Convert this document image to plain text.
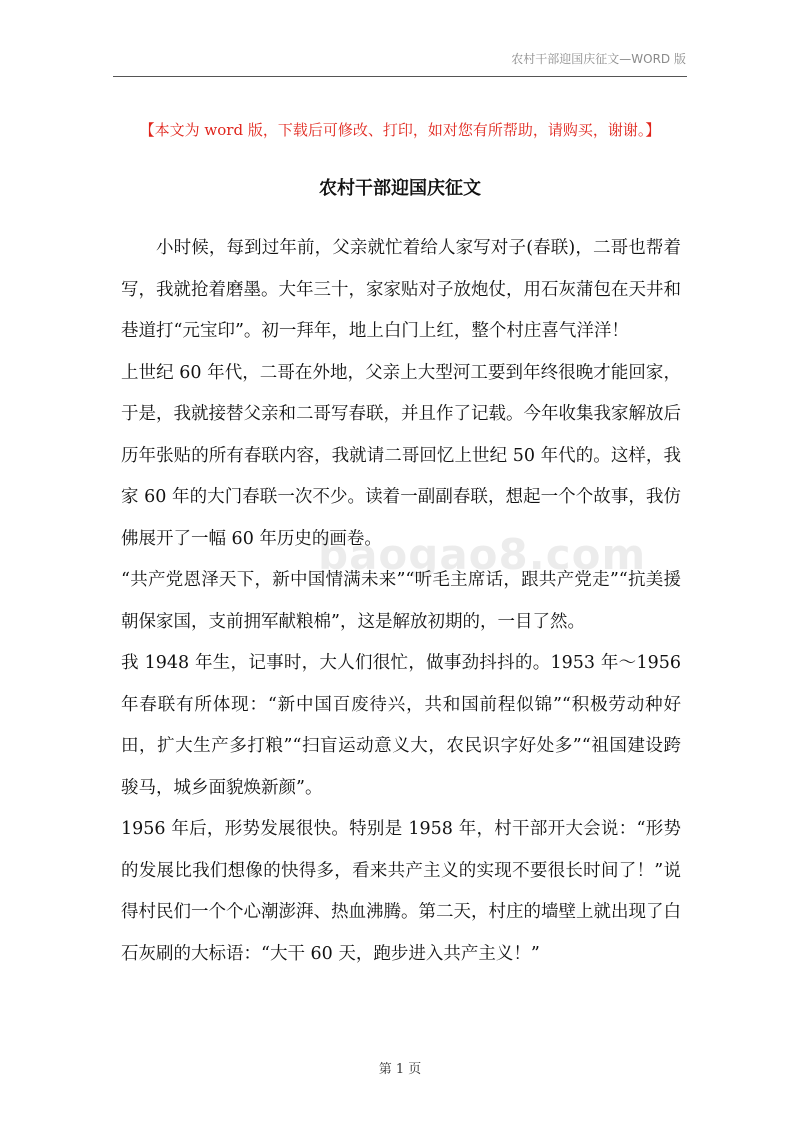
农村干部迎国庆征文—WORD 版
【本文为 word 版，下载后可修改、打印，如对您有所帮助，请购买，谢谢。】
农村干部迎国庆征文

小时候，每到过年前，父亲就忙着给人家写对子(春联)，二哥也帮着写，我就抢着磨墨。大年三十，家家贴对子放炮仗，用石灰蒲包在天井和巷道打“元宝印”。初一拜年，地上白门上红，整个村庄喜气洋洋！

上世纪 60 年代，二哥在外地，父亲上大型河工要到年终很晚才能回家，于是，我就接替父亲和二哥写春联，并且作了记载。今年收集我家解放后历年张贴的所有春联内容，我就请二哥回忆上世纪 50 年代的。这样，我家 60 年的大门春联一次不少。读着一副副春联，想起一个个故事，我仿佛展开了一幅 60 年历史的画卷。

“共产党恩泽天下，新中国情满未来”“听毛主席话，跟共产党走”“抗美援朝保家国，支前拥军献粮棉”，这是解放初期的，一目了然。

我 1948 年生，记事时，大人们很忙，做事劲抖抖的。1953 年～1956 年春联有所体现：“新中国百废待兴，共和国前程似锦”“积极劳动种好田，扩大生产多打粮”“扫盲运动意义大，农民识字好处多”“祖国建设跨骏马，城乡面貌焕新颜”。

1956 年后，形势发展很快。特别是 1958 年，村干部开大会说：“形势的发展比我们想像的快得多，看来共产主义的实现不要很长时间了！”说得村民们一个个心潮澎湃、热血沸腾。第二天，村庄的墙壁上就出现了白石灰刷的大标语：“大干 60 天，跑步进入共产主义！”

baogao8.com
第 1 页
